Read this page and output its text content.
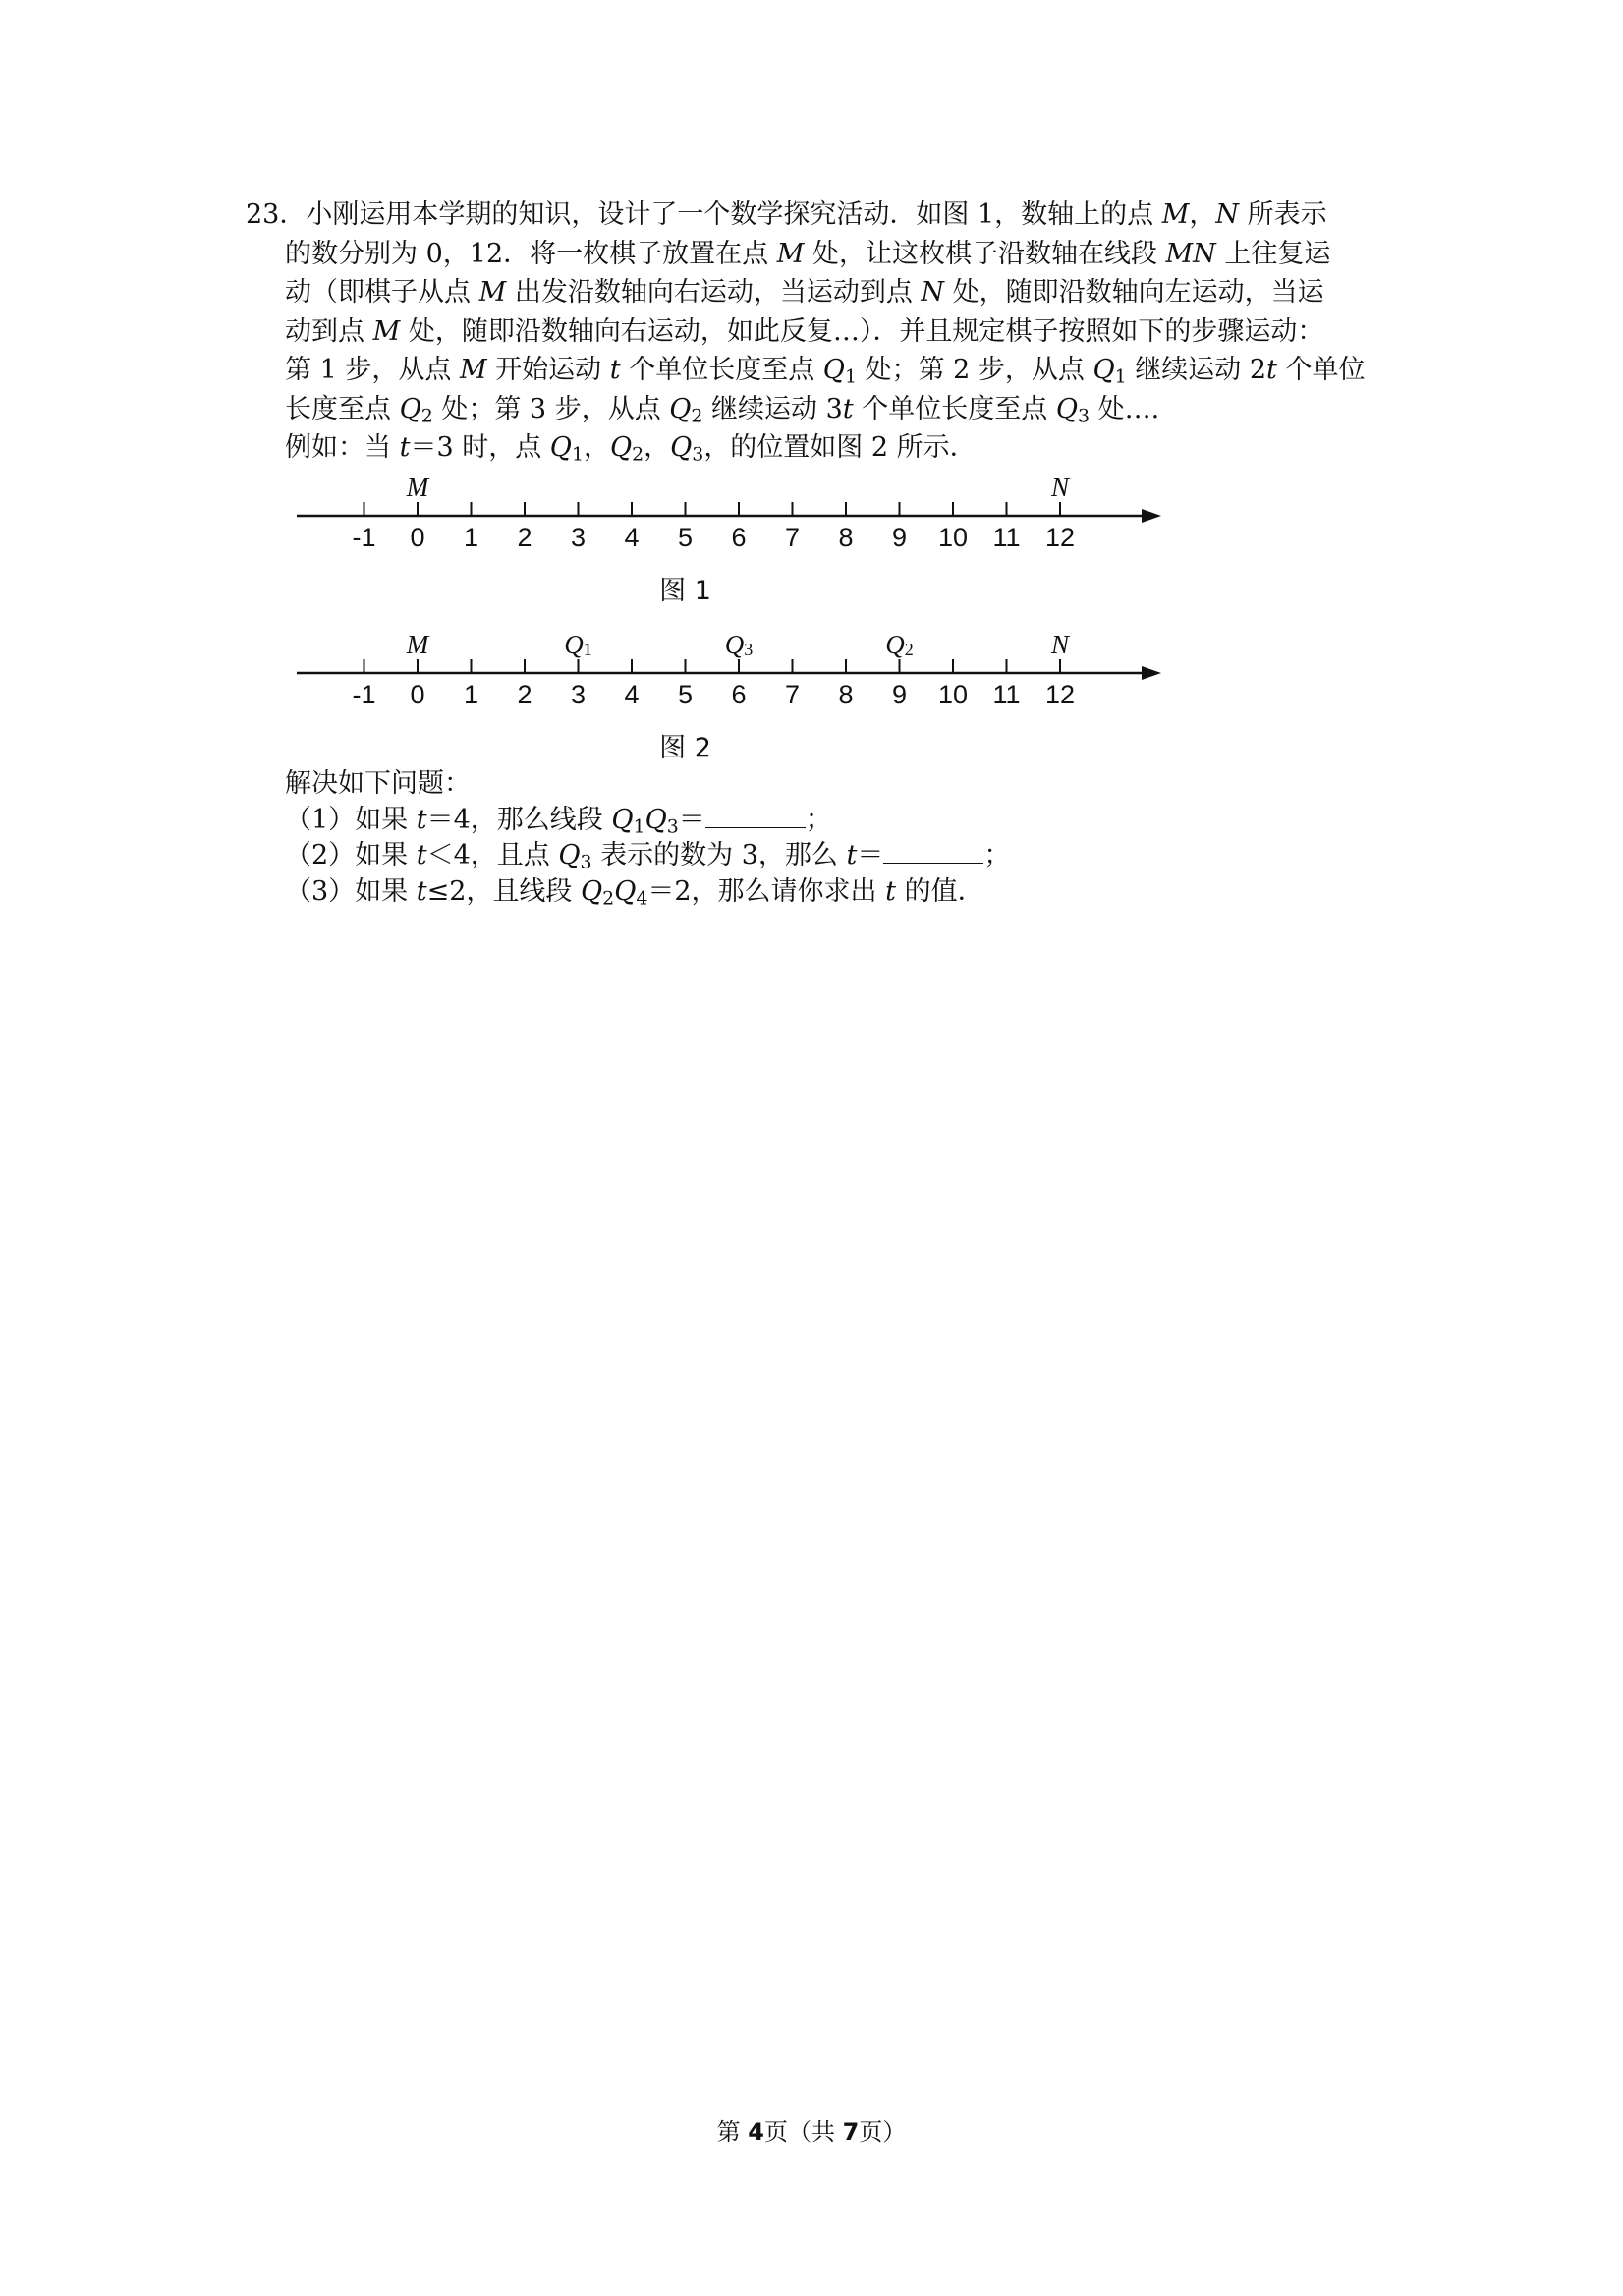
23．小刚运用本学期的知识，设计了一个数学探究活动．如图 1，数轴上的点 M，N 所表示
的数分别为 0，12．将一枚棋子放置在点 M 处，让这枚棋子沿数轴在线段 MN 上往复运
动（即棋子从点 M 出发沿数轴向右运动，当运动到点 N 处，随即沿数轴向左运动，当运
动到点 M 处，随即沿数轴向右运动，如此反复…）．并且规定棋子按照如下的步骤运动：
第 1 步，从点 M 开始运动 t 个单位长度至点 $Q_1$ 处；第 2 步，从点 $Q_1$ 继续运动 2t 个单位
长度至点 $Q_2$ 处；第 3 步，从点 $Q_2$ 继续运动 3t 个单位长度至点 $Q_3$ 处….
例如：当 t＝3 时，点 $Q_1$，$Q_2$，$Q_3$，的位置如图 2 所示．
-1 0 1 2 3 4 5 6 7 8 9 10 11 12
M	N
图 1
-1 0 1 2 3 4 5 6 7 8 9 10 11 12
M	Q1	Q3	Q2	N
图 2
解决如下问题：
（1）如果 t＝4，那么线段 $Q_1Q_3=$	；
（2）如果 t＜4，且点 $Q_3$ 表示的数为 3，那么 t＝	；
（3）如果 t≤2，且线段 $Q_2Q_4=2$，那么请你求出 t 的值．
第 4页（共 7页）
